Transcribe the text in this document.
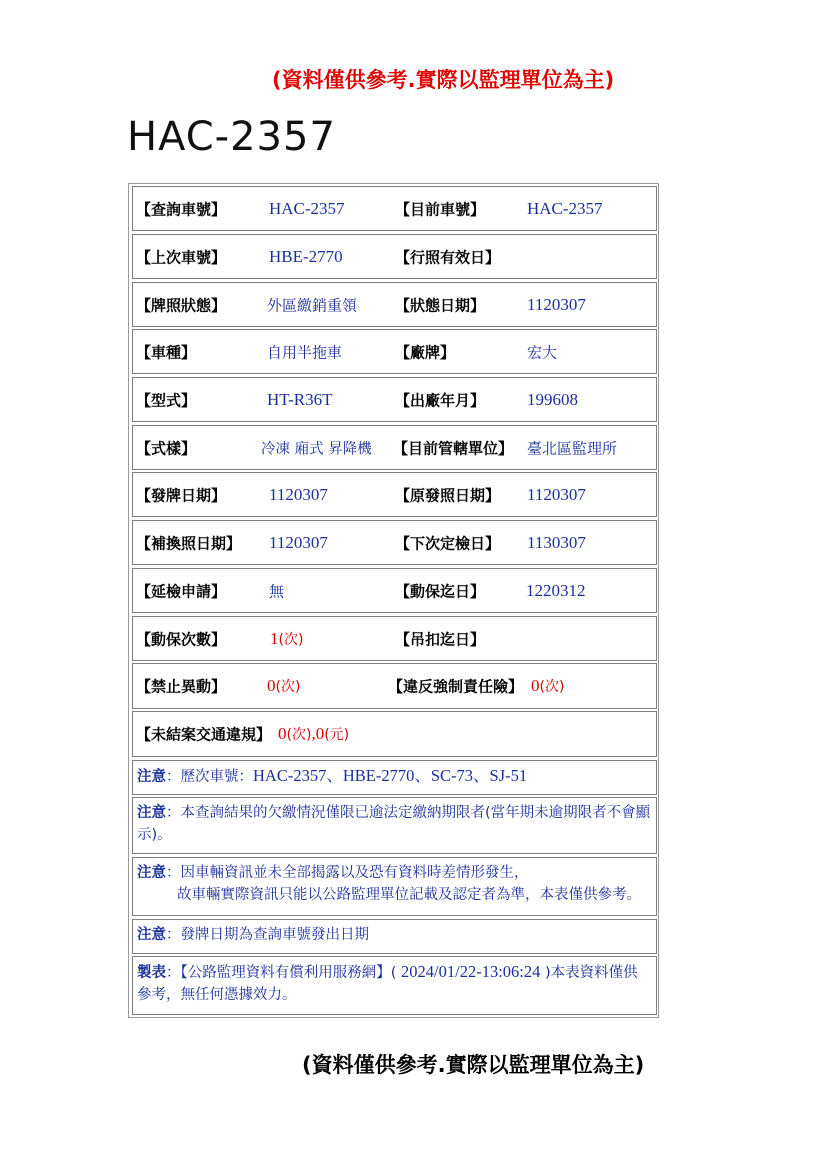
(資料僅供參考.實際以監理單位為主)
HAC-2357
【查詢車號】	HAC-2357	【目前車號】 HAC-2357
【上次車號】	HBE-2770	【行照有效日】
【牌照狀態】	外區繳銷重領	【狀態日期】 1120307
【車種】	自用半拖車	【廠牌】	宏大
【型式】	HT-R36T	【出廠年月】 199608
【式樣】	冷凍 廂式 昇降機 【目前管轄單位】 臺北區監理所
【發牌日期】	1120307	【原發照日期】 1120307
【補換照日期】 1120307	【下次定檢日】 1130307
【延檢申請】	無	【動保迄日】 1220312
【動保次數】	1(次)	【吊扣迄日】
【禁止異動】 0(次)	【違反強制責任險】 0(次)
【未結案交通違規】 0(次),0(元)
注意：歷次車號：HAC-2357、HBE-2770、SC-73、SJ-51
注意：本查詢結果的欠繳情況僅限已逾法定繳納期限者(當年期未逾期限者不會顯示)。
注意：因車輛資訊並未全部揭露以及恐有資料時差情形發生，
故車輛實際資訊只能以公路監理單位記載及認定者為準，本表僅供參考。
注意：發牌日期為查詢車號發出日期
製表：【公路監理資料有償利用服務網】( 2024/01/22-13:06:24 )本表資料僅供參考，無任何憑據效力。
(資料僅供參考.實際以監理單位為主)
